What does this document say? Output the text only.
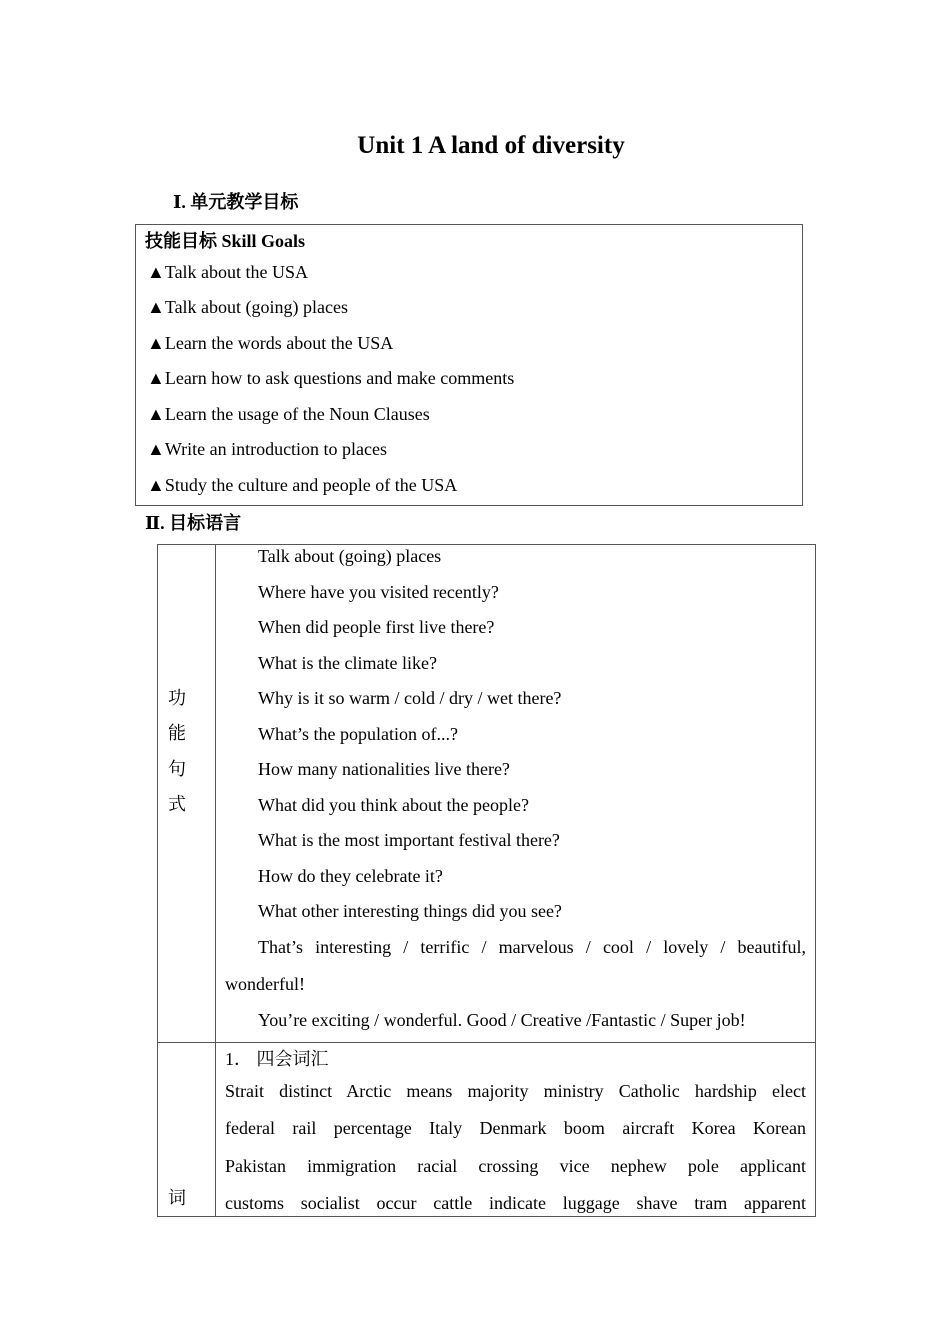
Unit 1 A land of diversity
Ⅰ. 单元教学目标
技能目标 Skill Goals
▲Talk about the USA
▲Talk about (going) places
▲Learn the words about the USA
▲Learn how to ask questions and make comments
▲Learn the usage of the Noun Clauses
▲Write an introduction to places
▲Study the culture and people of the USA
Ⅱ. 目标语言
功
能
句
式
Talk about (going) places
Where have you visited recently?
When did people first live there?
What is the climate like?
Why is it so warm / cold / dry / wet there?
What’s the population of...?
How many nationalities live there?
What did you think about the people?
What is the most important festival there?
How do they celebrate it?
What other interesting things did you see?
That’s interesting / terrific / marvelous / cool / lovely / beautiful,
wonderful!
You’re exciting / wonderful. Good / Creative /Fantastic / Super job!
词
1． 四会词汇
Strait distinct Arctic means majority ministry Catholic hardship elect
federal rail percentage Italy Denmark boom aircraft Korea Korean
Pakistan immigration racial crossing vice nephew pole applicant
customs socialist occur cattle indicate luggage shave tram apparent
